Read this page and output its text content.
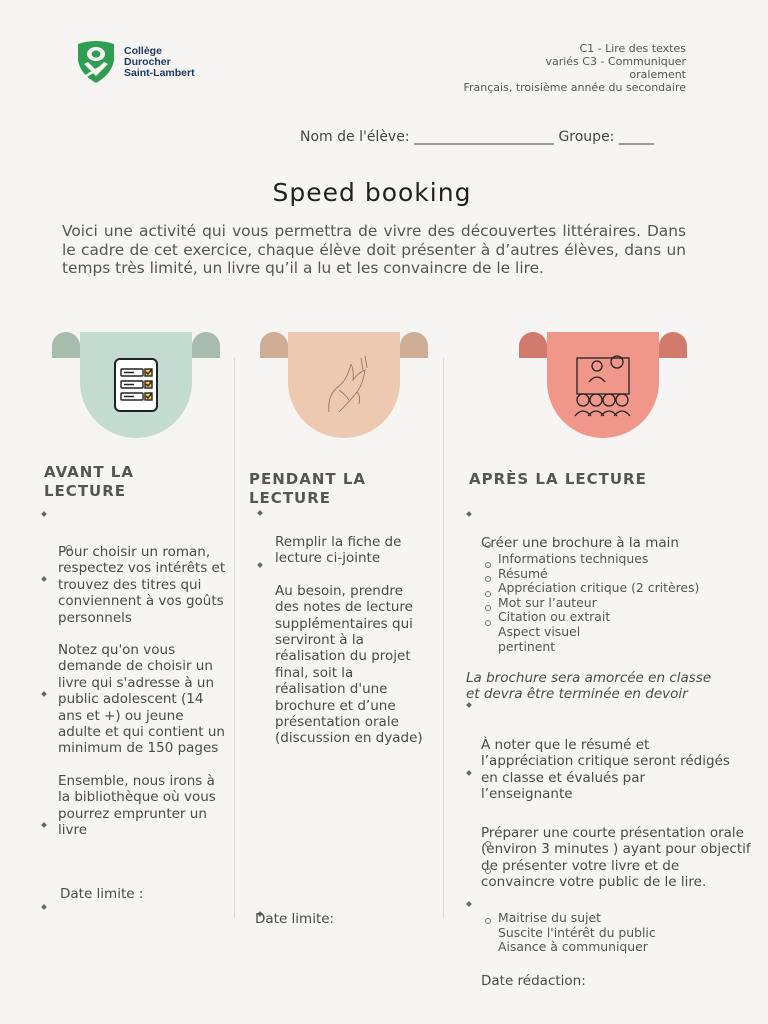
Collège
Durocher
Saint-Lambert
C1 - Lire des textes
variés C3 - Communiquer
oralement
Français, troisième année du secondaire
Nom de l'élève: ____________________ Groupe: _____
Speed booking
Voici une activité qui vous permettra de vivre des découvertes littéraires. Dans le cadre de cet exercice, chaque élève doit présenter à d’autres élèves, dans un temps très limité, un livre qu’il a lu et les convaincre de le lire.
AVANT LA
LECTURE

Pour choisir un roman, respectez vos intérêts et trouvez des titres qui conviennent à vos goûts personnels

Notez qu'on vous demande de choisir un livre qui s'adresse à un public adolescent (14 ans et +) ou jeune adulte et qui contient un minimum de 150 pages

Ensemble, nous irons à la bibliothèque où vous pourrez emprunter un livre

Date limite :
PENDANT LA
LECTURE

Remplir la fiche de lecture ci-jointe

Au besoin, prendre des notes de lecture supplémentaires qui serviront à la réalisation du projet final, soit la réalisation d'une brochure et d’une présentation orale (discussion en dyade)

Date limite:
APRÈS LA LECTURE
Créer une brochure à la main
Informations techniques
Résumé
Appréciation critique (2 critères)
Mot sur l’auteur
Citation ou extrait
Aspect visuel
pertinent
La brochure sera amorcée en classe et devra être terminée en devoir
À noter que le résumé et l’appréciation critique seront rédigés en classe et évalués par l’enseignante
Préparer une courte présentation orale (environ 3 minutes ) ayant pour objectif de présenter votre livre et de convaincre votre public de le lire.
Maitrise du sujet
Suscite l'intérêt du public
Aisance à communiquer
Date rédaction:
